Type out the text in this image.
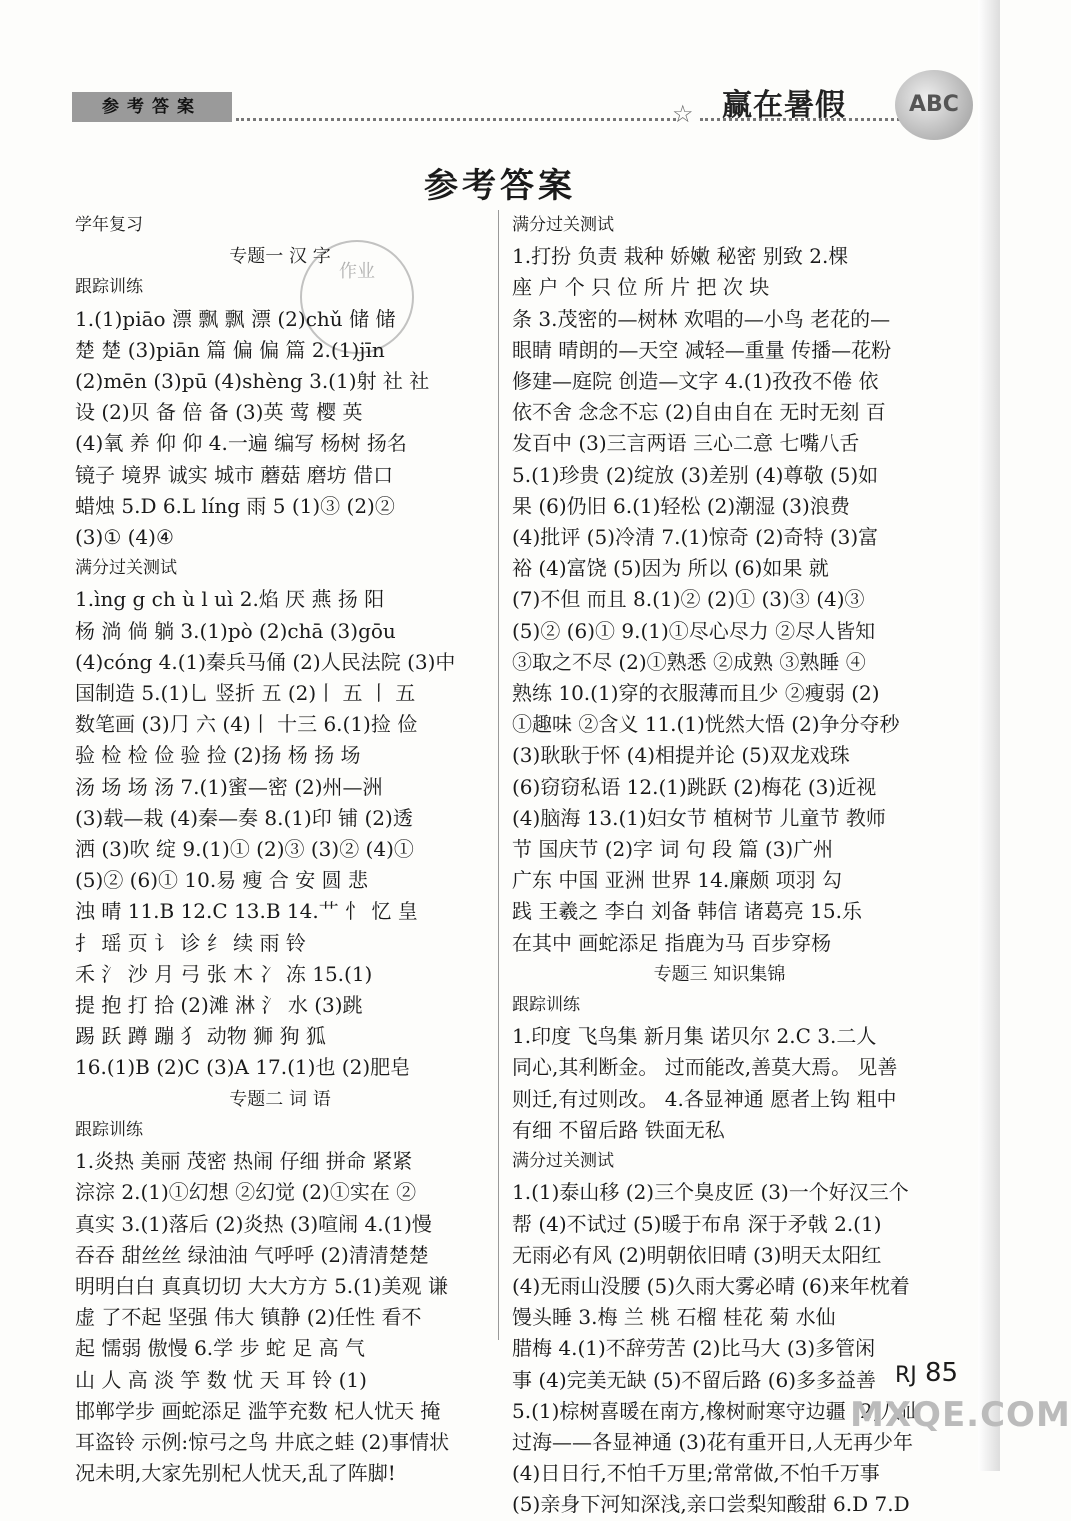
参考答案	☆ 赢在暑假	ABC
参考答案
作业
学年复习
专题一 汉 字
跟踪训练
1.(1)piāo 漂 飘 飘 漂 (2)chǔ 储 储
楚 楚 (3)piān 篇 偏 偏 篇 2.(1)jīn
(2)mēn (3)pū (4)shèng 3.(1)射 社 社
设 (2)贝 备 倍 备 (3)英 莺 樱 英
(4)氧 养 仰 仰 4.一遍 编写 杨树 扬名
镜子 境界 诚实 城市 蘑菇 磨坊 借口
蜡烛 5.D 6.L líng 雨 5 (1)③ (2)②
(3)① (4)④
满分过关测试
1.ìng g ch ù l uì 2.焰 厌 燕 扬 阳
杨 淌 倘 躺 3.(1)pò (2)chā (3)gōu
(4)cóng 4.(1)秦兵马俑 (2)人民法院 (3)中
国制造 5.(1)乚 竖折 五 (2)丨 五 丨 五
数笔画 (3)⺆ 六 (4)丨 十三 6.(1)捡 俭
验 检 检 俭 验 捡 (2)扬 杨 扬 场
汤 场 场 汤 7.(1)蜜—密 (2)州—洲
(3)载—栽 (4)秦—奏 8.(1)印 铺 (2)透
洒 (3)吹 绽 9.(1)① (2)③ (3)② (4)①
(5)② (6)① 10.易 瘦 合 安 圆 悲
浊 晴 11.B 12.C 13.B 14.艹 忄 忆 皇
扌 瑶 页 讠 诊 纟 续 雨 铃
禾 氵 沙 月 弓 张 木 冫 冻 15.(1)
提 抱 打 拾 (2)滩 淋 氵 水 (3)跳
踢 跃 蹲 蹦 犭 动物 狮 狗 狐
16.(1)B (2)C (3)A 17.(1)也 (2)肥皂
专题二 词 语
跟踪训练
1.炎热 美丽 茂密 热闹 仔细 拼命 紧紧
淙淙 2.(1)①幻想 ②幻觉 (2)①实在 ②
真实 3.(1)落后 (2)炎热 (3)喧闹 4.(1)慢
吞吞 甜丝丝 绿油油 气呼呼 (2)清清楚楚
明明白白 真真切切 大大方方 5.(1)美观 谦
虚 了不起 坚强 伟大 镇静 (2)任性 看不
起 懦弱 傲慢 6.学 步 蛇 足 高 气
山 人 高 淡 竽 数 忧 天 耳 铃 (1)
邯郸学步 画蛇添足 滥竽充数 杞人忧天 掩
耳盗铃 示例:惊弓之鸟 井底之蛙 (2)事情状
况未明,大家先别杞人忧天,乱了阵脚!
满分过关测试
1.打扮 负责 栽种 娇嫩 秘密 别致 2.棵
座 户 个 只 位 所 片 把 次 块
条 3.茂密的—树林 欢唱的—小鸟 老花的—
眼睛 晴朗的—天空 减轻—重量 传播—花粉
修建—庭院 创造—文字 4.(1)孜孜不倦 依
依不舍 念念不忘 (2)自由自在 无时无刻 百
发百中 (3)三言两语 三心二意 七嘴八舌
5.(1)珍贵 (2)绽放 (3)差别 (4)尊敬 (5)如
果 (6)仍旧 6.(1)轻松 (2)潮湿 (3)浪费
(4)批评 (5)冷清 7.(1)惊奇 (2)奇特 (3)富
裕 (4)富饶 (5)因为 所以 (6)如果 就
(7)不但 而且 8.(1)② (2)① (3)③ (4)③
(5)② (6)① 9.(1)①尽心尽力 ②尽人皆知
③取之不尽 (2)①熟悉 ②成熟 ③熟睡 ④
熟练 10.(1)穿的衣服薄而且少 ②瘦弱 (2)
①趣味 ②含义 11.(1)恍然大悟 (2)争分夺秒
(3)耿耿于怀 (4)相提并论 (5)双龙戏珠
(6)窃窃私语 12.(1)跳跃 (2)梅花 (3)近视
(4)脑海 13.(1)妇女节 植树节 儿童节 教师
节 国庆节 (2)字 词 句 段 篇 (3)广州
广东 中国 亚洲 世界 14.廉颇 项羽 勾
践 王羲之 李白 刘备 韩信 诸葛亮 15.乐
在其中 画蛇添足 指鹿为马 百步穿杨
专题三 知识集锦
跟踪训练
1.印度 飞鸟集 新月集 诺贝尔 2.C 3.二人
同心,其利断金。 过而能改,善莫大焉。 见善
则迁,有过则改。 4.各显神通 愿者上钩 粗中
有细 不留后路 铁面无私
满分过关测试
1.(1)泰山移 (2)三个臭皮匠 (3)一个好汉三个
帮 (4)不试过 (5)暖于布帛 深于矛戟 2.(1)
无雨必有风 (2)明朝依旧晴 (3)明天太阳红
(4)无雨山没腰 (5)久雨大雾必晴 (6)来年枕着
馒头睡 3.梅 兰 桃 石榴 桂花 菊 水仙
腊梅 4.(1)不辞劳苦 (2)比马大 (3)多管闲
事 (4)完美无缺 (5)不留后路 (6)多多益善
5.(1)棕树喜暖在南方,橡树耐寒守边疆 (2)八仙
过海——各显神通 (3)花有重开日,人无再少年
(4)日日行,不怕千万里;常常做,不怕千万事
(5)亲身下河知深浅,亲口尝梨知酸甜 6.D 7.D
RJ 85
MXQE.COM
